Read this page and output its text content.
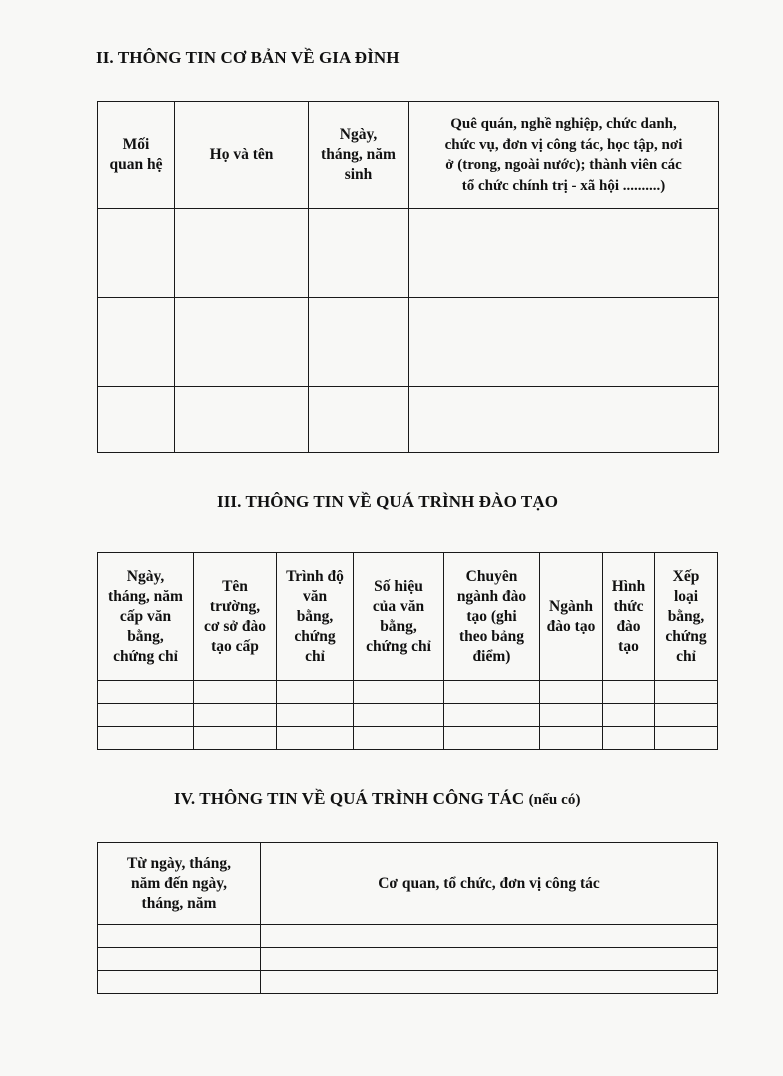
II. THÔNG TIN CƠ BẢN VỀ GIA ĐÌNH
Mối
quan hệ	Họ và tên	Ngày,
tháng, năm
sinh	Quê quán, nghề nghiệp, chức danh,
chức vụ, đơn vị công tác, học tập, nơi
ở (trong, ngoài nước); thành viên các
tổ chức chính trị - xã hội ..........)

III. THÔNG TIN VỀ QUÁ TRÌNH ĐÀO TẠO
Ngày,
tháng, năm
cấp văn
bằng,
chứng chỉ	Tên
trường,
cơ sở đào
tạo cấp	Trình độ
văn
bằng,
chứng
chỉ	Số hiệu
của văn
bằng,
chứng chỉ	Chuyên
ngành đào
tạo (ghi
theo bảng
điểm)	Ngành
đào tạo	Hình
thức
đào
tạo	Xếp
loại
bằng,
chứng
chỉ

IV. THÔNG TIN VỀ QUÁ TRÌNH CÔNG TÁC (nếu có)
Từ ngày, tháng,
năm đến ngày,
tháng, năm	Cơ quan, tổ chức, đơn vị công tác
